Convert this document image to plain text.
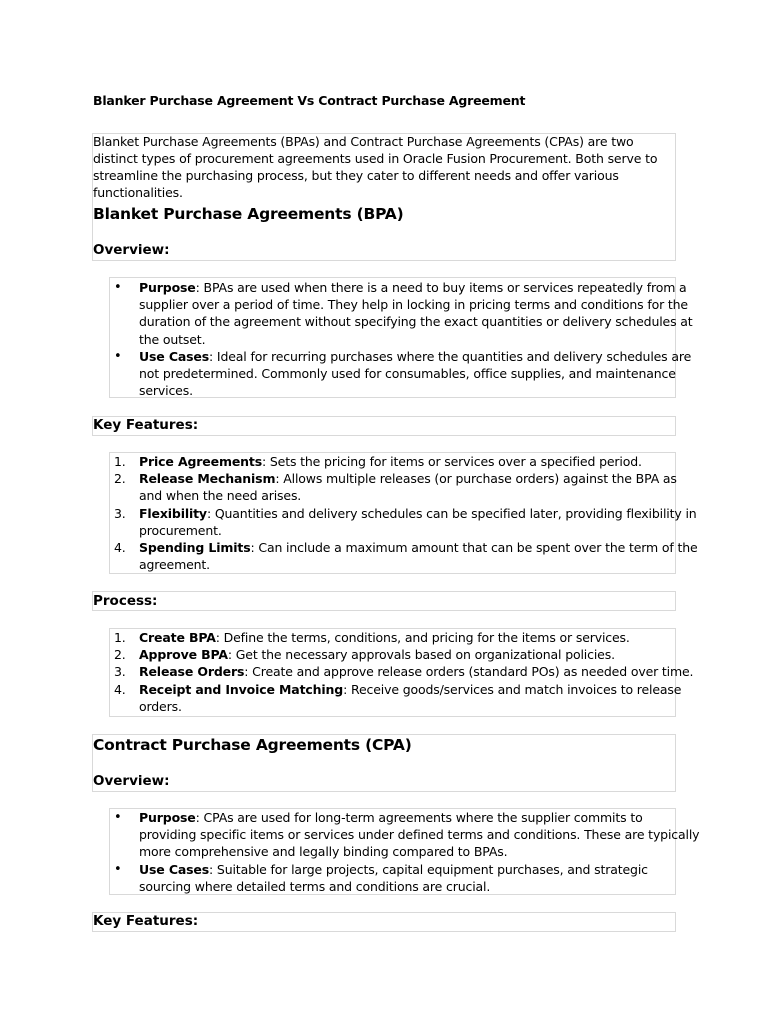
Blanker Purchase Agreement Vs Contract Purchase Agreement
Blanket Purchase Agreements (BPAs) and Contract Purchase Agreements (CPAs) are two distinct types of procurement agreements used in Oracle Fusion Procurement. Both serve to streamline the purchasing process, but they cater to different needs and offer various functionalities.
Blanket Purchase Agreements (BPA)
Overview:
• Purpose: BPAs are used when there is a need to buy items or services repeatedly from a supplier over a period of time. They help in locking in pricing terms and conditions for the duration of the agreement without specifying the exact quantities or delivery schedules at the outset.
• Use Cases: Ideal for recurring purchases where the quantities and delivery schedules are not predetermined. Commonly used for consumables, office supplies, and maintenance services.
Key Features:
1. Price Agreements: Sets the pricing for items or services over a specified period.
2. Release Mechanism: Allows multiple releases (or purchase orders) against the BPA as and when the need arises.
3. Flexibility: Quantities and delivery schedules can be specified later, providing flexibility in procurement.
4. Spending Limits: Can include a maximum amount that can be spent over the term of the agreement.
Process:
1. Create BPA: Define the terms, conditions, and pricing for the items or services.
2. Approve BPA: Get the necessary approvals based on organizational policies.
3. Release Orders: Create and approve release orders (standard POs) as needed over time.
4. Receipt and Invoice Matching: Receive goods/services and match invoices to release orders.
Contract Purchase Agreements (CPA)
Overview:
• Purpose: CPAs are used for long-term agreements where the supplier commits to providing specific items or services under defined terms and conditions. These are typically more comprehensive and legally binding compared to BPAs.
• Use Cases: Suitable for large projects, capital equipment purchases, and strategic sourcing where detailed terms and conditions are crucial.
Key Features:
